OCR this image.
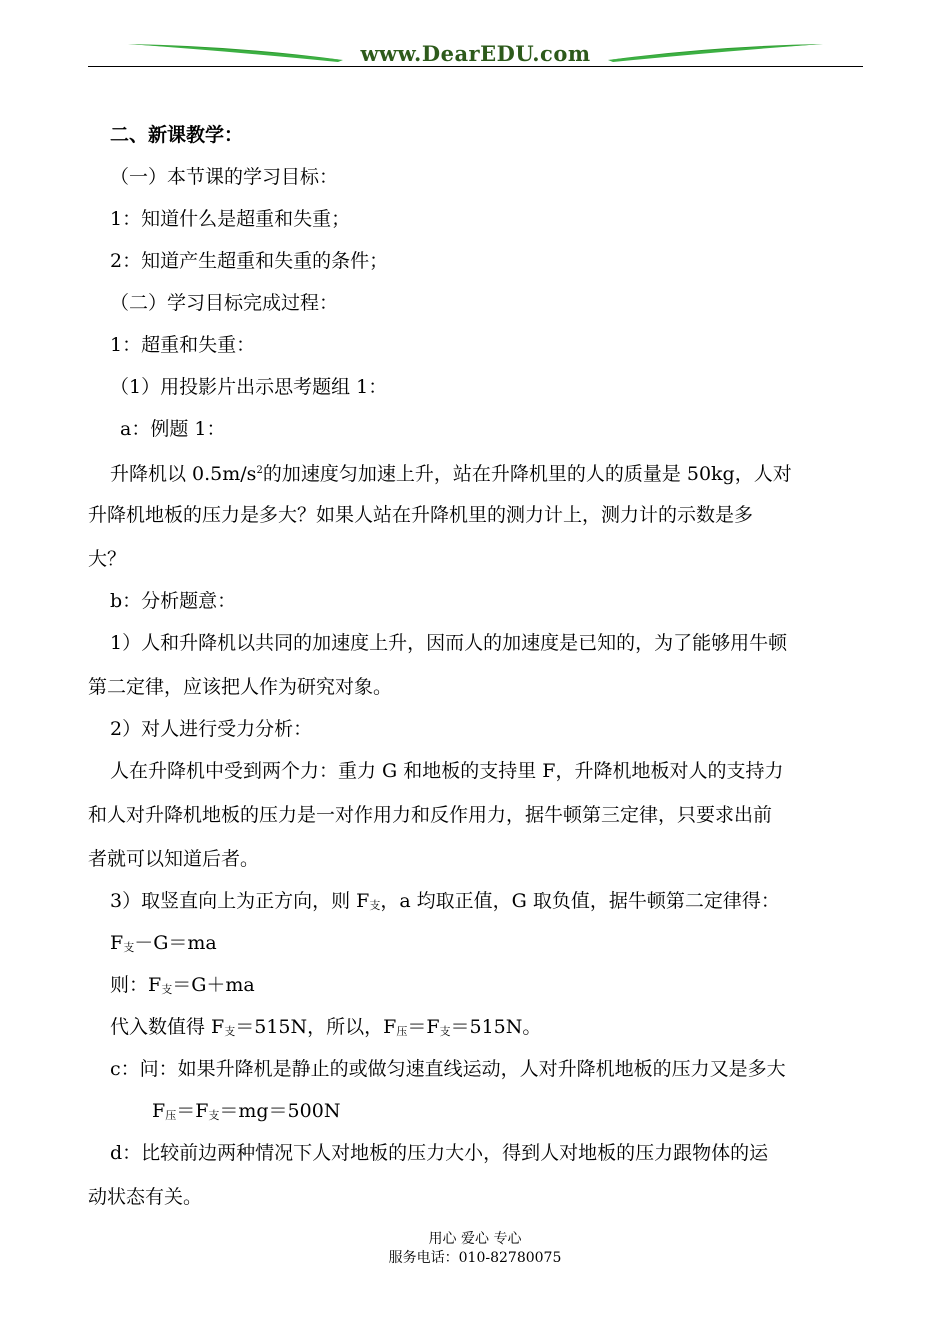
www.DearEDU.com
二、新课教学：
（一）本节课的学习目标：
1：知道什么是超重和失重；
2：知道产生超重和失重的条件；
（二）学习目标完成过程：
1：超重和失重：
（1）用投影片出示思考题组 1：
a：例题 1：
升降机以 $0.5m/s^2$的加速度匀加速上升，站在升降机里的人的质量是 50kg，人对
升降机地板的压力是多大？如果人站在升降机里的测力计上，测力计的示数是多
大？
b：分析题意：
1）人和升降机以共同的加速度上升，因而人的加速度是已知的，为了能够用牛顿
第二定律，应该把人作为研究对象。
2）对人进行受力分析：
人在升降机中受到两个力：重力 G 和地板的支持里 F，升降机地板对人的支持力
和人对升降机地板的压力是一对作用力和反作用力，据牛顿第三定律，只要求出前
者就可以知道后者。
3）取竖直向上为正方向，则 $F_支$，a 均取正值，G 取负值，据牛顿第二定律得：
$F_支-G=ma$
则：$F_支=G+ma$
代入数值得 $F_支=515N$，所以，$F_压=F_支=515N$。
c：问：如果升降机是静止的或做匀速直线运动，人对升降机地板的压力又是多大
$F_压=F_支=mg=500N$
d：比较前边两种情况下人对地板的压力大小，得到人对地板的压力跟物体的运
动状态有关。
用心 爱心 专心
服务电话：010-82780075
